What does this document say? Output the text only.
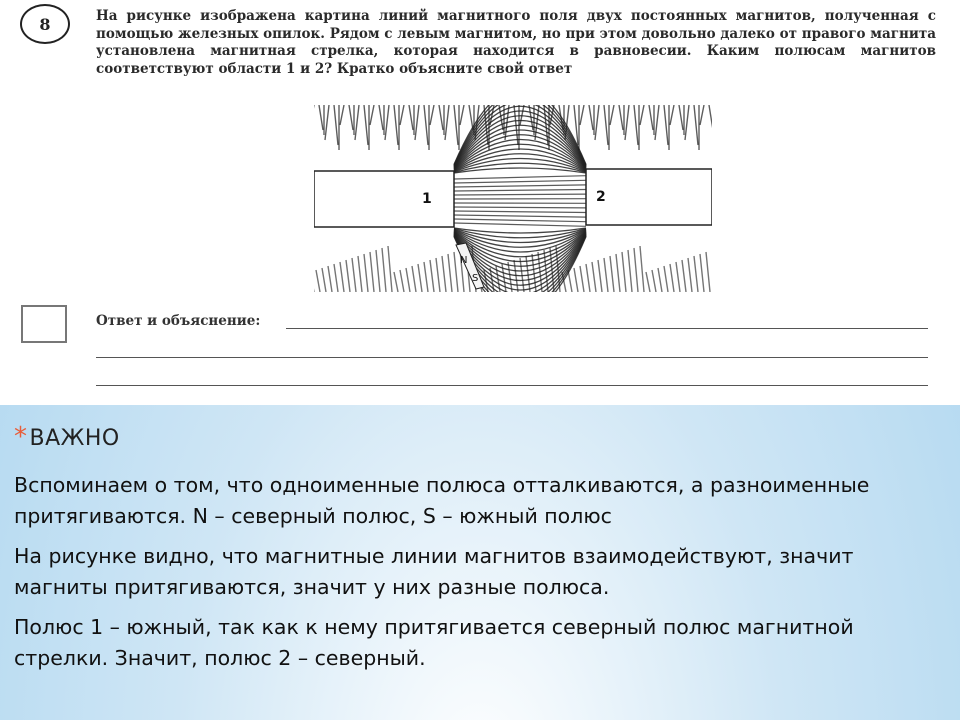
8	На рисунке изображена картина линий магнитного поля двух постоянных магнитов, полученная с помощью железных опилок. Рядом с левым магнитом, но при этом довольно далеко от правого магнита установлена магнитная стрелка, которая находится в равновесии. Каким полюсам магнитов соответствуют области 1 и 2? Кратко объясните свой ответ
N
S
1	2
Ответ и объяснение:
*ВАЖНО
Вспоминаем о том, что одноименные полюса отталкиваются, а разноименные притягиваются. N – северный полюс, S – южный полюс
На рисунке видно, что магнитные линии магнитов взаимодействуют, значит магниты притягиваются, значит у них разные полюса.
Полюс 1 – южный, так как к нему притягивается северный полюс магнитной стрелки. Значит, полюс 2 – северный.
